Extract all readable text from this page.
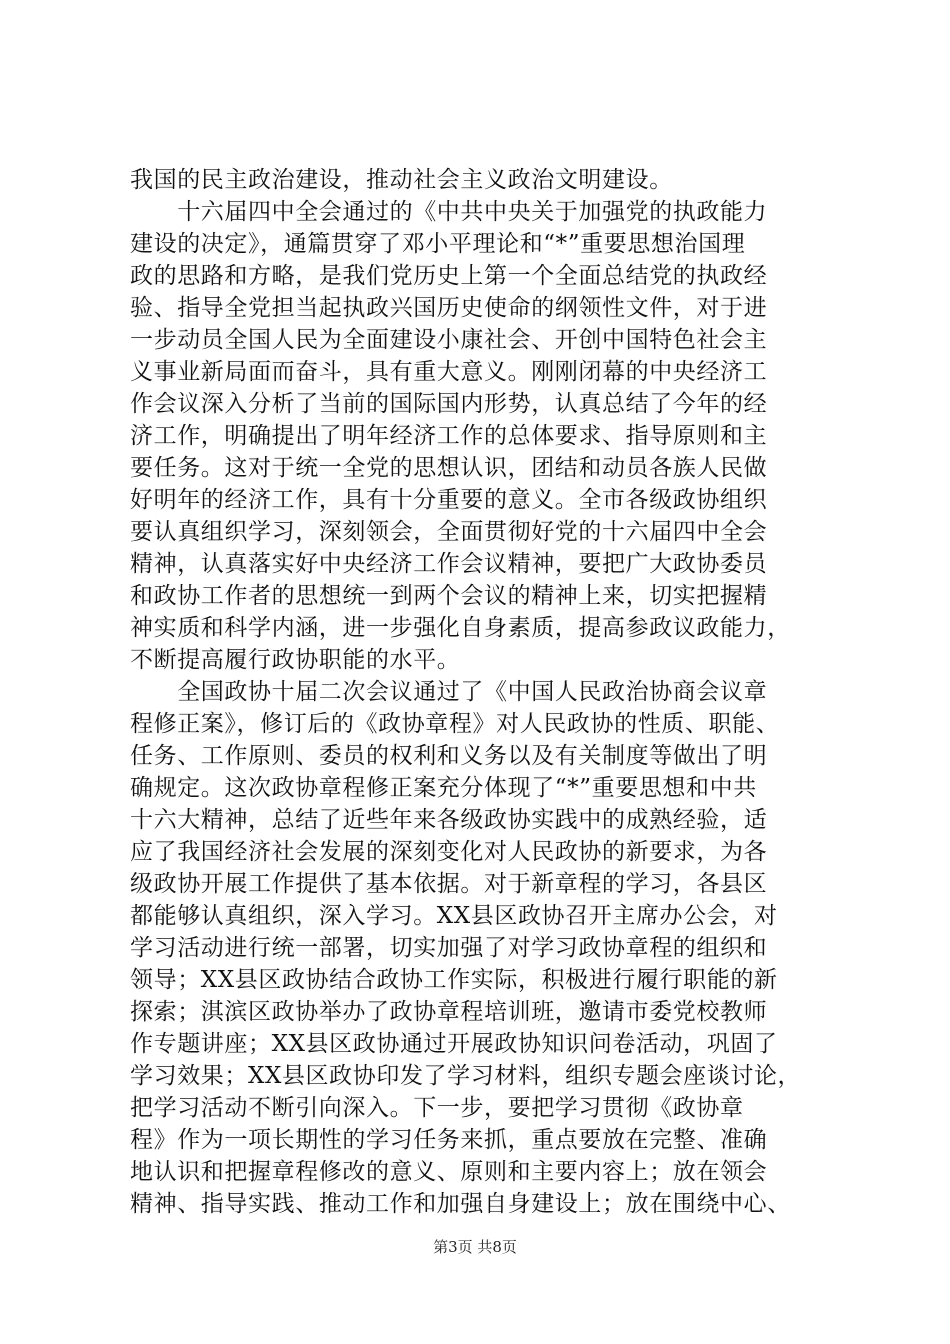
我国的民主政治建设，推动社会主义政治文明建设。
　　十六届四中全会通过的《中共中央关于加强党的执政能力
建设的决定》，通篇贯穿了邓小平理论和“*”重要思想治国理
政的思路和方略，是我们党历史上第一个全面总结党的执政经
验、指导全党担当起执政兴国历史使命的纲领性文件，对于进
一步动员全国人民为全面建设小康社会、开创中国特色社会主
义事业新局面而奋斗，具有重大意义。刚刚闭幕的中央经济工
作会议深入分析了当前的国际国内形势，认真总结了今年的经
济工作，明确提出了明年经济工作的总体要求、指导原则和主
要任务。这对于统一全党的思想认识，团结和动员各族人民做
好明年的经济工作，具有十分重要的意义。全市各级政协组织
要认真组织学习，深刻领会，全面贯彻好党的十六届四中全会
精神，认真落实好中央经济工作会议精神，要把广大政协委员
和政协工作者的思想统一到两个会议的精神上来，切实把握精
神实质和科学内涵，进一步强化自身素质，提高参政议政能力，
不断提高履行政协职能的水平。
　　全国政协十届二次会议通过了《中国人民政治协商会议章
程修正案》，修订后的《政协章程》对人民政协的性质、职能、
任务、工作原则、委员的权利和义务以及有关制度等做出了明
确规定。这次政协章程修正案充分体现了“*”重要思想和中共
十六大精神，总结了近些年来各级政协实践中的成熟经验，适
应了我国经济社会发展的深刻变化对人民政协的新要求，为各
级政协开展工作提供了基本依据。对于新章程的学习，各县区
都能够认真组织，深入学习。XX县区政协召开主席办公会，对
学习活动进行统一部署，切实加强了对学习政协章程的组织和
领导；XX县区政协结合政协工作实际，积极进行履行职能的新
探索；淇滨区政协举办了政协章程培训班，邀请市委党校教师
作专题讲座；XX县区政协通过开展政协知识问卷活动，巩固了
学习效果；XX县区政协印发了学习材料，组织专题会座谈讨论，
把学习活动不断引向深入。下一步，要把学习贯彻《政协章
程》作为一项长期性的学习任务来抓，重点要放在完整、准确
地认识和把握章程修改的意义、原则和主要内容上；放在领会
精神、指导实践、推动工作和加强自身建设上；放在围绕中心、
第3页 共8页
